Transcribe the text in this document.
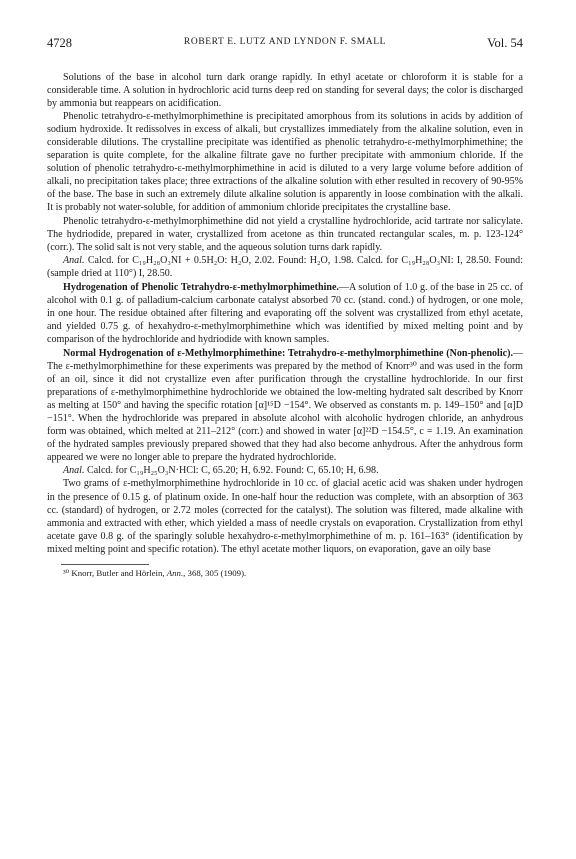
4728	ROBERT E. LUTZ AND LYNDON F. SMALL	Vol. 54

Solutions of the base in alcohol turn dark orange rapidly. In ethyl acetate or chloroform it is stable for a considerable time. A solution in hydrochloric acid turns deep red on standing for several days; the color is discharged by ammonia but reappears on acidification.

Phenolic tetrahydro-ε-methylmorphimethine is precipitated amorphous from its solutions in acids by addition of sodium hydroxide. It redissolves in excess of alkali, but crystallizes immediately from the alkaline solution, even in considerable dilutions. The crystalline precipitate was identified as phenolic tetrahydro-ε-methylmorphimethine; the separation is quite complete, for the alkaline filtrate gave no further precipitate with ammonium chloride. If the solution of phenolic tetrahydro-ε-methylmorphimethine in acid is diluted to a very large volume before addition of alkali, no precipitation takes place; three extractions of the alkaline solution with ether resulted in recovery of 90-95% of the base. The base in such an extremely dilute alkaline solution is apparently in loose combination with the alkali. It is probably not water-soluble, for addition of ammonium chloride precipitates the crystalline base.

Phenolic tetrahydro-ε-methylmorphimethine did not yield a crystalline hydrochloride, acid tartrate nor salicylate. The hydriodide, prepared in water, crystallized from acetone as thin truncated rectangular scales, m. p. 123-124° (corr.). The solid salt is not very stable, and the aqueous solution turns dark rapidly.

Anal. Calcd. for C₁₉H₂₈O₃NI + 0.5H₂O: H₂O, 2.02. Found: H₂O, 1.98. Calcd. for C₁₉H₂₈O₃NI: I, 28.50. Found: (sample dried at 110°) I, 28.50.

Hydrogenation of Phenolic Tetrahydro-ε-methylmorphimethine.—A solution of 1.0 g. of the base in 25 cc. of alcohol with 0.1 g. of palladium-calcium carbonate catalyst absorbed 70 cc. (stand. cond.) of hydrogen, or one mole, in one hour. The residue obtained after filtering and evaporating off the solvent was crystallized from ethyl acetate, and yielded 0.75 g. of hexahydro-ε-methylmorphimethine which was identified by mixed melting point and by comparison of the hydrochloride and hydriodide with known samples.

Normal Hydrogenation of ε-Methylmorphimethine: Tetrahydro-ε-methylmorphimethine (Non-phenolic).—The ε-methylmorphimethine for these experiments was prepared by the method of Knorr³⁰ and was used in the form of an oil, since it did not crystallize even after purification through the crystalline hydrochloride. In our first preparations of ε-methylmorphimethine hydrochloride we obtained the low-melting hydrated salt described by Knorr as melting at 150° and having the specific rotation [α]¹⁵D −154°. We observed as constants m. p. 149–150° and [α]D −151°. When the hydrochloride was prepared in absolute alcohol with alcoholic hydrogen chloride, an anhydrous form was obtained, which melted at 211–212° (corr.) and showed in water [α]²²D −154.5°, c = 1.19. An examination of the hydrated samples previously prepared showed that they had also become anhydrous. After the anhydrous form appeared we were no longer able to prepare the hydrated hydrochloride.

Anal. Calcd. for C₁₉H₂₅O₃N·HCl: C, 65.20; H, 6.92. Found: C, 65.10; H, 6.98.

Two grams of ε-methylmorphimethine hydrochloride in 10 cc. of glacial acetic acid was shaken under hydrogen in the presence of 0.15 g. of platinum oxide. In one-half hour the reduction was complete, with an absorption of 363 cc. (standard) of hydrogen, or 2.72 moles (corrected for the catalyst). The solution was filtered, made alkaline with ammonia and extracted with ether, which yielded a mass of needle crystals on evaporation. Crystallization from ethyl acetate gave 0.8 g. of the sparingly soluble hexahydro-ε-methylmorphimethine of m. p. 161–163° (identification by mixed melting point and specific rotation). The ethyl acetate mother liquors, on evaporation, gave an oily base

³⁰ Knorr, Butler and Hörlein, Ann., 368, 305 (1909).
